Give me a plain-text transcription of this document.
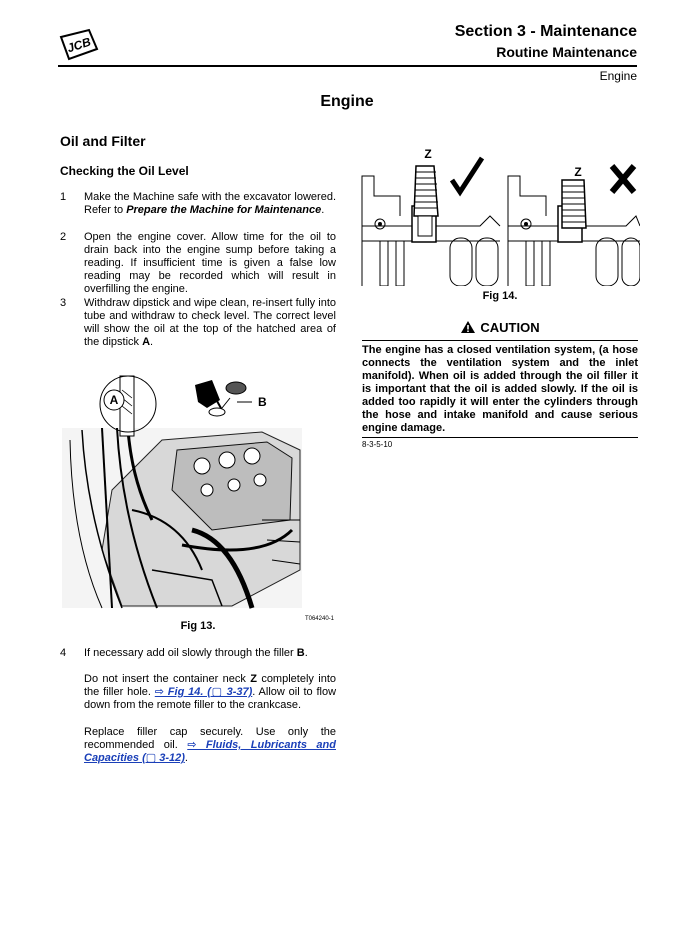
JCB
Section 3 - Maintenance
Routine Maintenance
Engine
Engine
Oil and Filter
Checking the Oil Level
1 Make the Machine safe with the excavator lowered. Refer to Prepare the Machine for Maintenance.
2 Open the engine cover. Allow time for the oil to drain back into the engine sump before taking a reading. If insufficient time is given a false low reading may be recorded which will result in overfilling the engine.
3 Withdraw dipstick and wipe clean, re-insert fully into tube and withdraw to check level. The correct level will show the oil at the top of the hatched area of the dipstick A.
A	B
T064240-1
Fig 13.
4 If necessary add oil slowly through the filler B.
Do not insert the container neck Z completely into the filler hole. ⇨ Fig 14. (▢ 3-37). Allow oil to flow down from the remote filler to the crankcase.
Replace filler cap securely. Use only the recommended oil. ⇨ Fluids, Lubricants and Capacities (▢ 3-12).
Z
Z
Fig 14.
CAUTION
The engine has a closed ventilation system, (a hose connects the ventilation system and the inlet manifold). When oil is added through the oil filler it is important that the oil is added slowly. If the oil is added too rapidly it will enter the cylinders through the hose and intake manifold and cause serious engine damage.
8-3-5-10
